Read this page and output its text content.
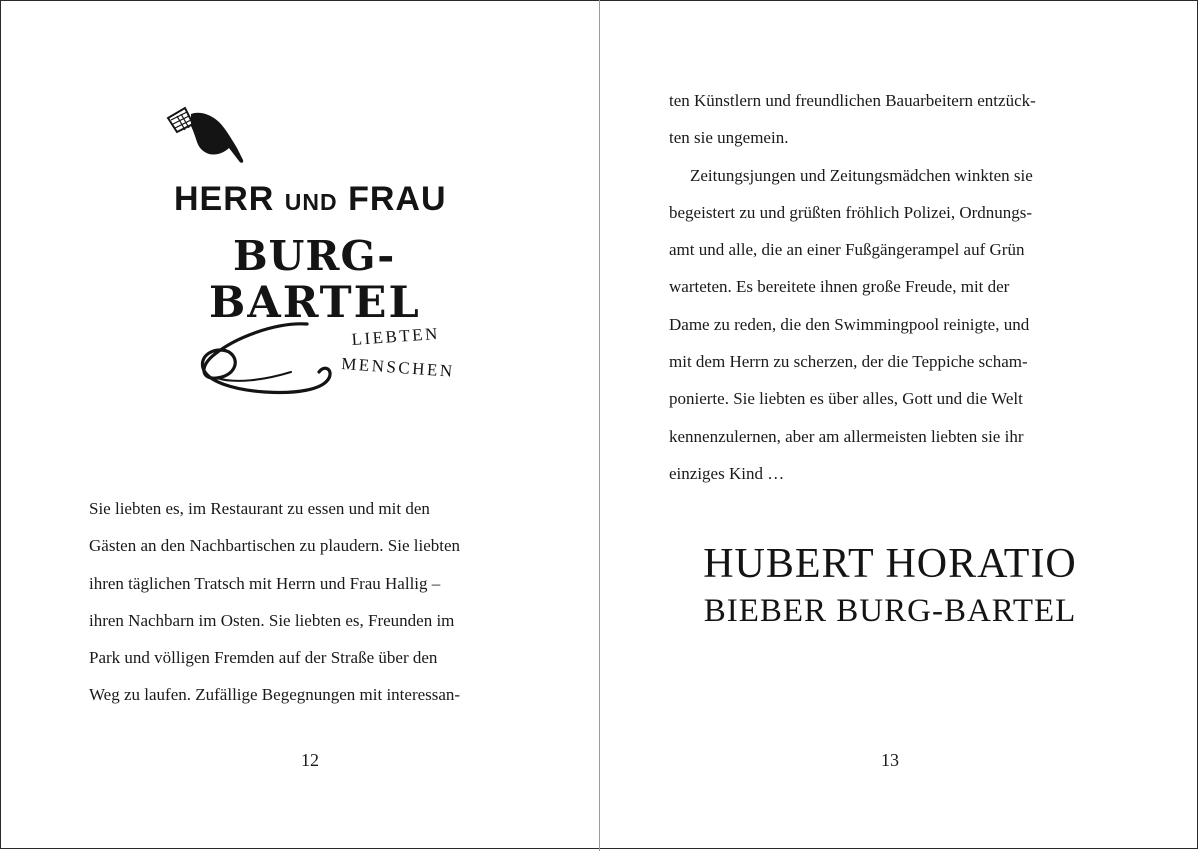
HERR UND FRAU
BURG-
BARTEL
LIEBTEN
MENSCHEN
Sie liebten es, im Restaurant zu essen und mit den
Gästen an den Nachbartischen zu plaudern. Sie liebten
ihren täglichen Tratsch mit Herrn und Frau Hallig –
ihren Nachbarn im Osten. Sie liebten es, Freunden im
Park und völligen Fremden auf der Straße über den
Weg zu laufen. Zufällige Begegnungen mit interessan-
12
ten Künstlern und freundlichen Bauarbeitern entzück-
ten sie ungemein.
Zeitungsjungen und Zeitungsmädchen winkten sie
begeistert zu und grüßten fröhlich Polizei, Ordnungs-
amt und alle, die an einer Fußgängerampel auf Grün
warteten. Es bereitete ihnen große Freude, mit der
Dame zu reden, die den Swimmingpool reinigte, und
mit dem Herrn zu scherzen, der die Teppiche scham-
ponierte. Sie liebten es über alles, Gott und die Welt
kennenzulernen, aber am allermeisten liebten sie ihr
einziges Kind …
HUBERT HORATIO
BIEBER BURG-BARTEL
13
